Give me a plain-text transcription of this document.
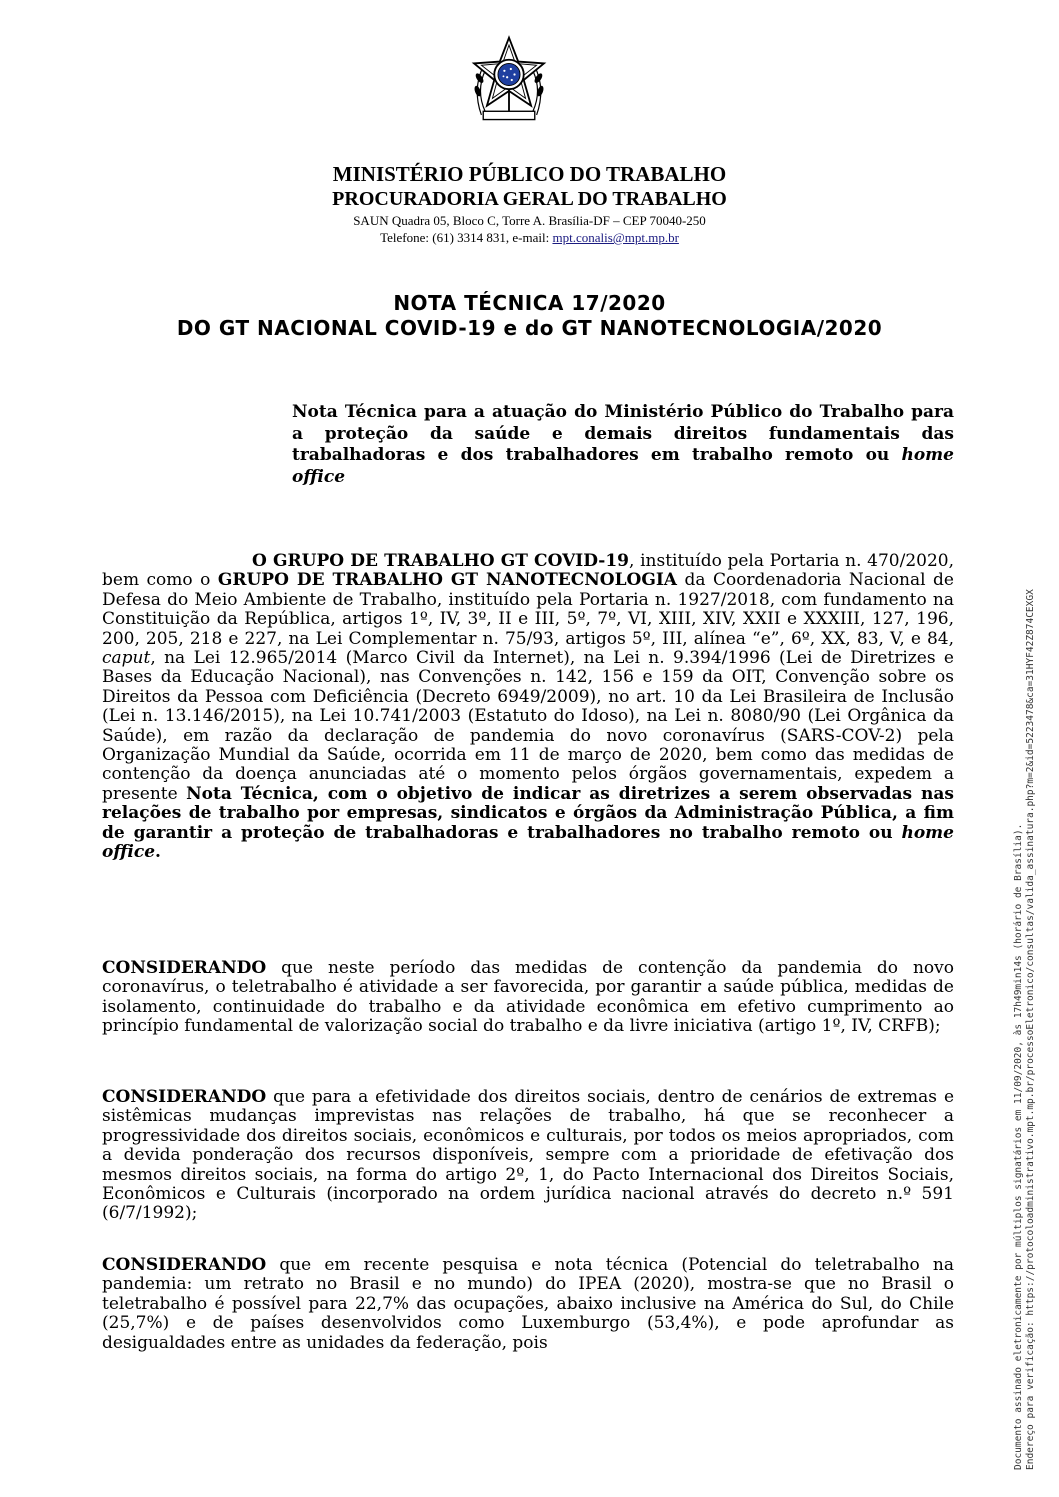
MINISTÉRIO PÚBLICO DO TRABALHO
PROCURADORIA GERAL DO TRABALHO
SAUN Quadra 05, Bloco C, Torre A. Brasília-DF – CEP 70040-250
Telefone: (61) 3314 831, e-mail: mpt.conalis@mpt.mp.br
NOTA TÉCNICA 17/2020
DO GT NACIONAL COVID-19 e do GT NANOTECNOLOGIA/2020
Nota Técnica para a atuação do Ministério Público do Trabalho para a proteção da saúde e demais direitos fundamentais das trabalhadoras e dos trabalhadores em trabalho remoto ou home office
O GRUPO DE TRABALHO GT COVID-19, instituído pela Portaria n. 470/2020, bem como o GRUPO DE TRABALHO GT NANOTECNOLOGIA da Coordenadoria Nacional de Defesa do Meio Ambiente de Trabalho, instituído pela Portaria n. 1927/2018, com fundamento na Constituição da República, artigos 1º, IV, 3º, II e III, 5º, 7º, VI, XIII, XIV, XXII e XXXIII, 127, 196, 200, 205, 218 e 227, na Lei Complementar n. 75/93, artigos 5º, III, alínea “e”, 6º, XX, 83, V, e 84, caput, na Lei 12.965/2014 (Marco Civil da Internet), na Lei n. 9.394/1996 (Lei de Diretrizes e Bases da Educação Nacional), nas Convenções n. 142, 156 e 159 da OIT, Convenção sobre os Direitos da Pessoa com Deficiência (Decreto 6949/2009), no art. 10 da Lei Brasileira de Inclusão (Lei n. 13.146/2015), na Lei 10.741/2003 (Estatuto do Idoso), na Lei n. 8080/90 (Lei Orgânica da Saúde), em razão da declaração de pandemia do novo coronavírus (SARS-COV-2) pela Organização Mundial da Saúde, ocorrida em 11 de março de 2020, bem como das medidas de contenção da doença anunciadas até o momento pelos órgãos governamentais, expedem a presente Nota Técnica, com o objetivo de indicar as diretrizes a serem observadas nas relações de trabalho por empresas, sindicatos e órgãos da Administração Pública, a fim de garantir a proteção de trabalhadoras e trabalhadores no trabalho remoto ou home office.
CONSIDERANDO que neste período das medidas de contenção da pandemia do novo coronavírus, o teletrabalho é atividade a ser favorecida, por garantir a saúde pública, medidas de isolamento, continuidade do trabalho e da atividade econômica em efetivo cumprimento ao princípio fundamental de valorização social do trabalho e da livre iniciativa (artigo 1º, IV, CRFB);
CONSIDERANDO que para a efetividade dos direitos sociais, dentro de cenários de extremas e sistêmicas mudanças imprevistas nas relações de trabalho, há que se reconhecer a progressividade dos direitos sociais, econômicos e culturais, por todos os meios apropriados, com a devida ponderação dos recursos disponíveis, sempre com a prioridade de efetivação dos mesmos direitos sociais, na forma do artigo 2º, 1, do Pacto Internacional dos Direitos Sociais, Econômicos e Culturais (incorporado na ordem jurídica nacional através do decreto n.º 591 (6/7/1992);
CONSIDERANDO que em recente pesquisa e nota técnica (Potencial do teletrabalho na pandemia: um retrato no Brasil e no mundo) do IPEA (2020), mostra-se que no Brasil o teletrabalho é possível para 22,7% das ocupações, abaixo inclusive na América do Sul, do Chile (25,7%) e de países desenvolvidos como Luxemburgo (53,4%), e pode aprofundar as desigualdades entre as unidades da federação, pois	Documento assinado eletronicamente por múltiplos signatários em 11/09/2020, às 17h49min14s (horário de Brasília). Endereço para verificação: https://protocoloadministrativo.mpt.mp.br/processoEletronico/consultas/valida_assinatura.php?m=2&id=5223478&ca=31HYF42Z874CEXGX
